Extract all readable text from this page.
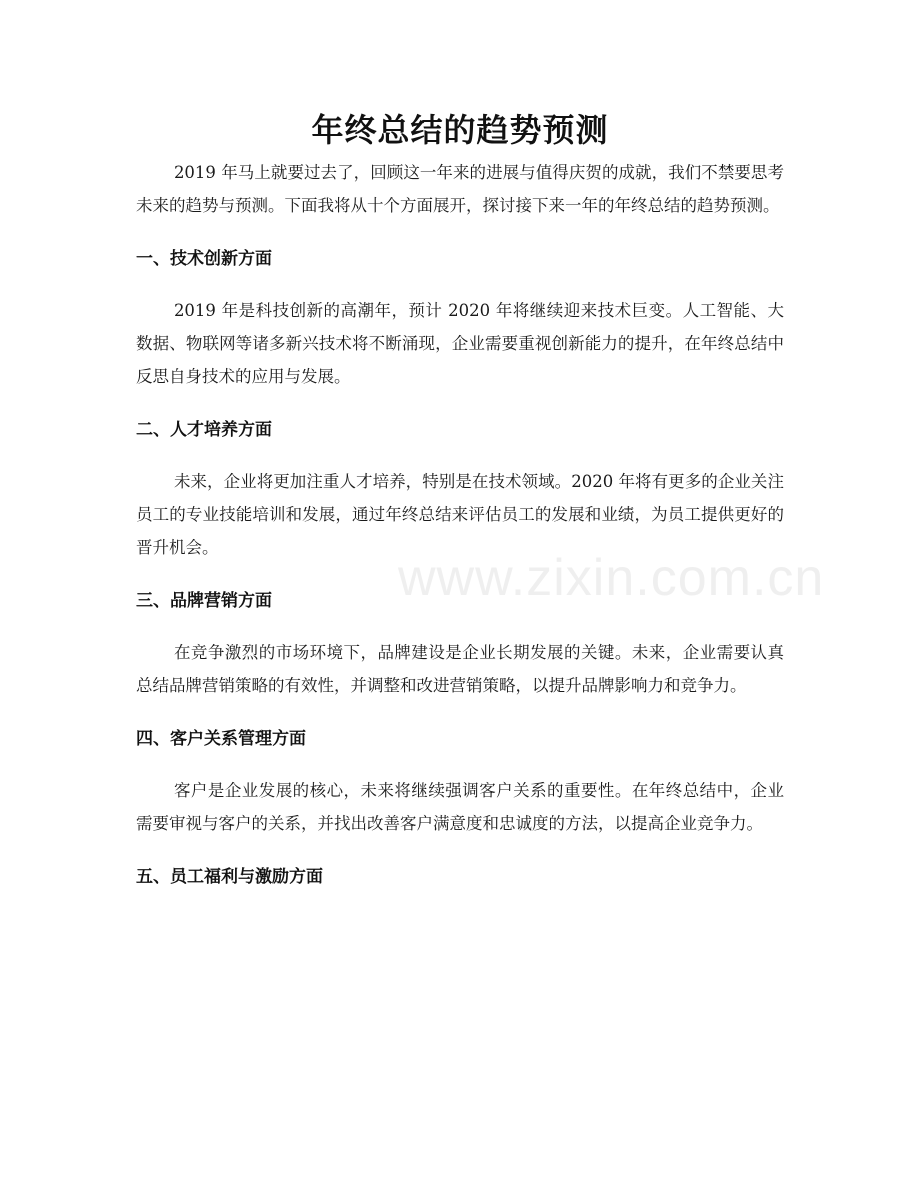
年终总结的趋势预测

2019 年马上就要过去了，回顾这一年来的进展与值得庆贺的成就，我们不禁要思考未来的趋势与预测。下面我将从十个方面展开，探讨接下来一年的年终总结的趋势预测。

一、技术创新方面

2019 年是科技创新的高潮年，预计 2020 年将继续迎来技术巨变。人工智能、大数据、物联网等诸多新兴技术将不断涌现，企业需要重视创新能力的提升，在年终总结中反思自身技术的应用与发展。

二、人才培养方面

未来，企业将更加注重人才培养，特别是在技术领域。2020 年将有更多的企业关注员工的专业技能培训和发展，通过年终总结来评估员工的发展和业绩，为员工提供更好的晋升机会。

三、品牌营销方面

在竞争激烈的市场环境下，品牌建设是企业长期发展的关键。未来，企业需要认真总结品牌营销策略的有效性，并调整和改进营销策略，以提升品牌影响力和竞争力。

四、客户关系管理方面

客户是企业发展的核心，未来将继续强调客户关系的重要性。在年终总结中，企业需要审视与客户的关系，并找出改善客户满意度和忠诚度的方法，以提高企业竞争力。

五、员工福利与激励方面
www.zixin.com.cn
